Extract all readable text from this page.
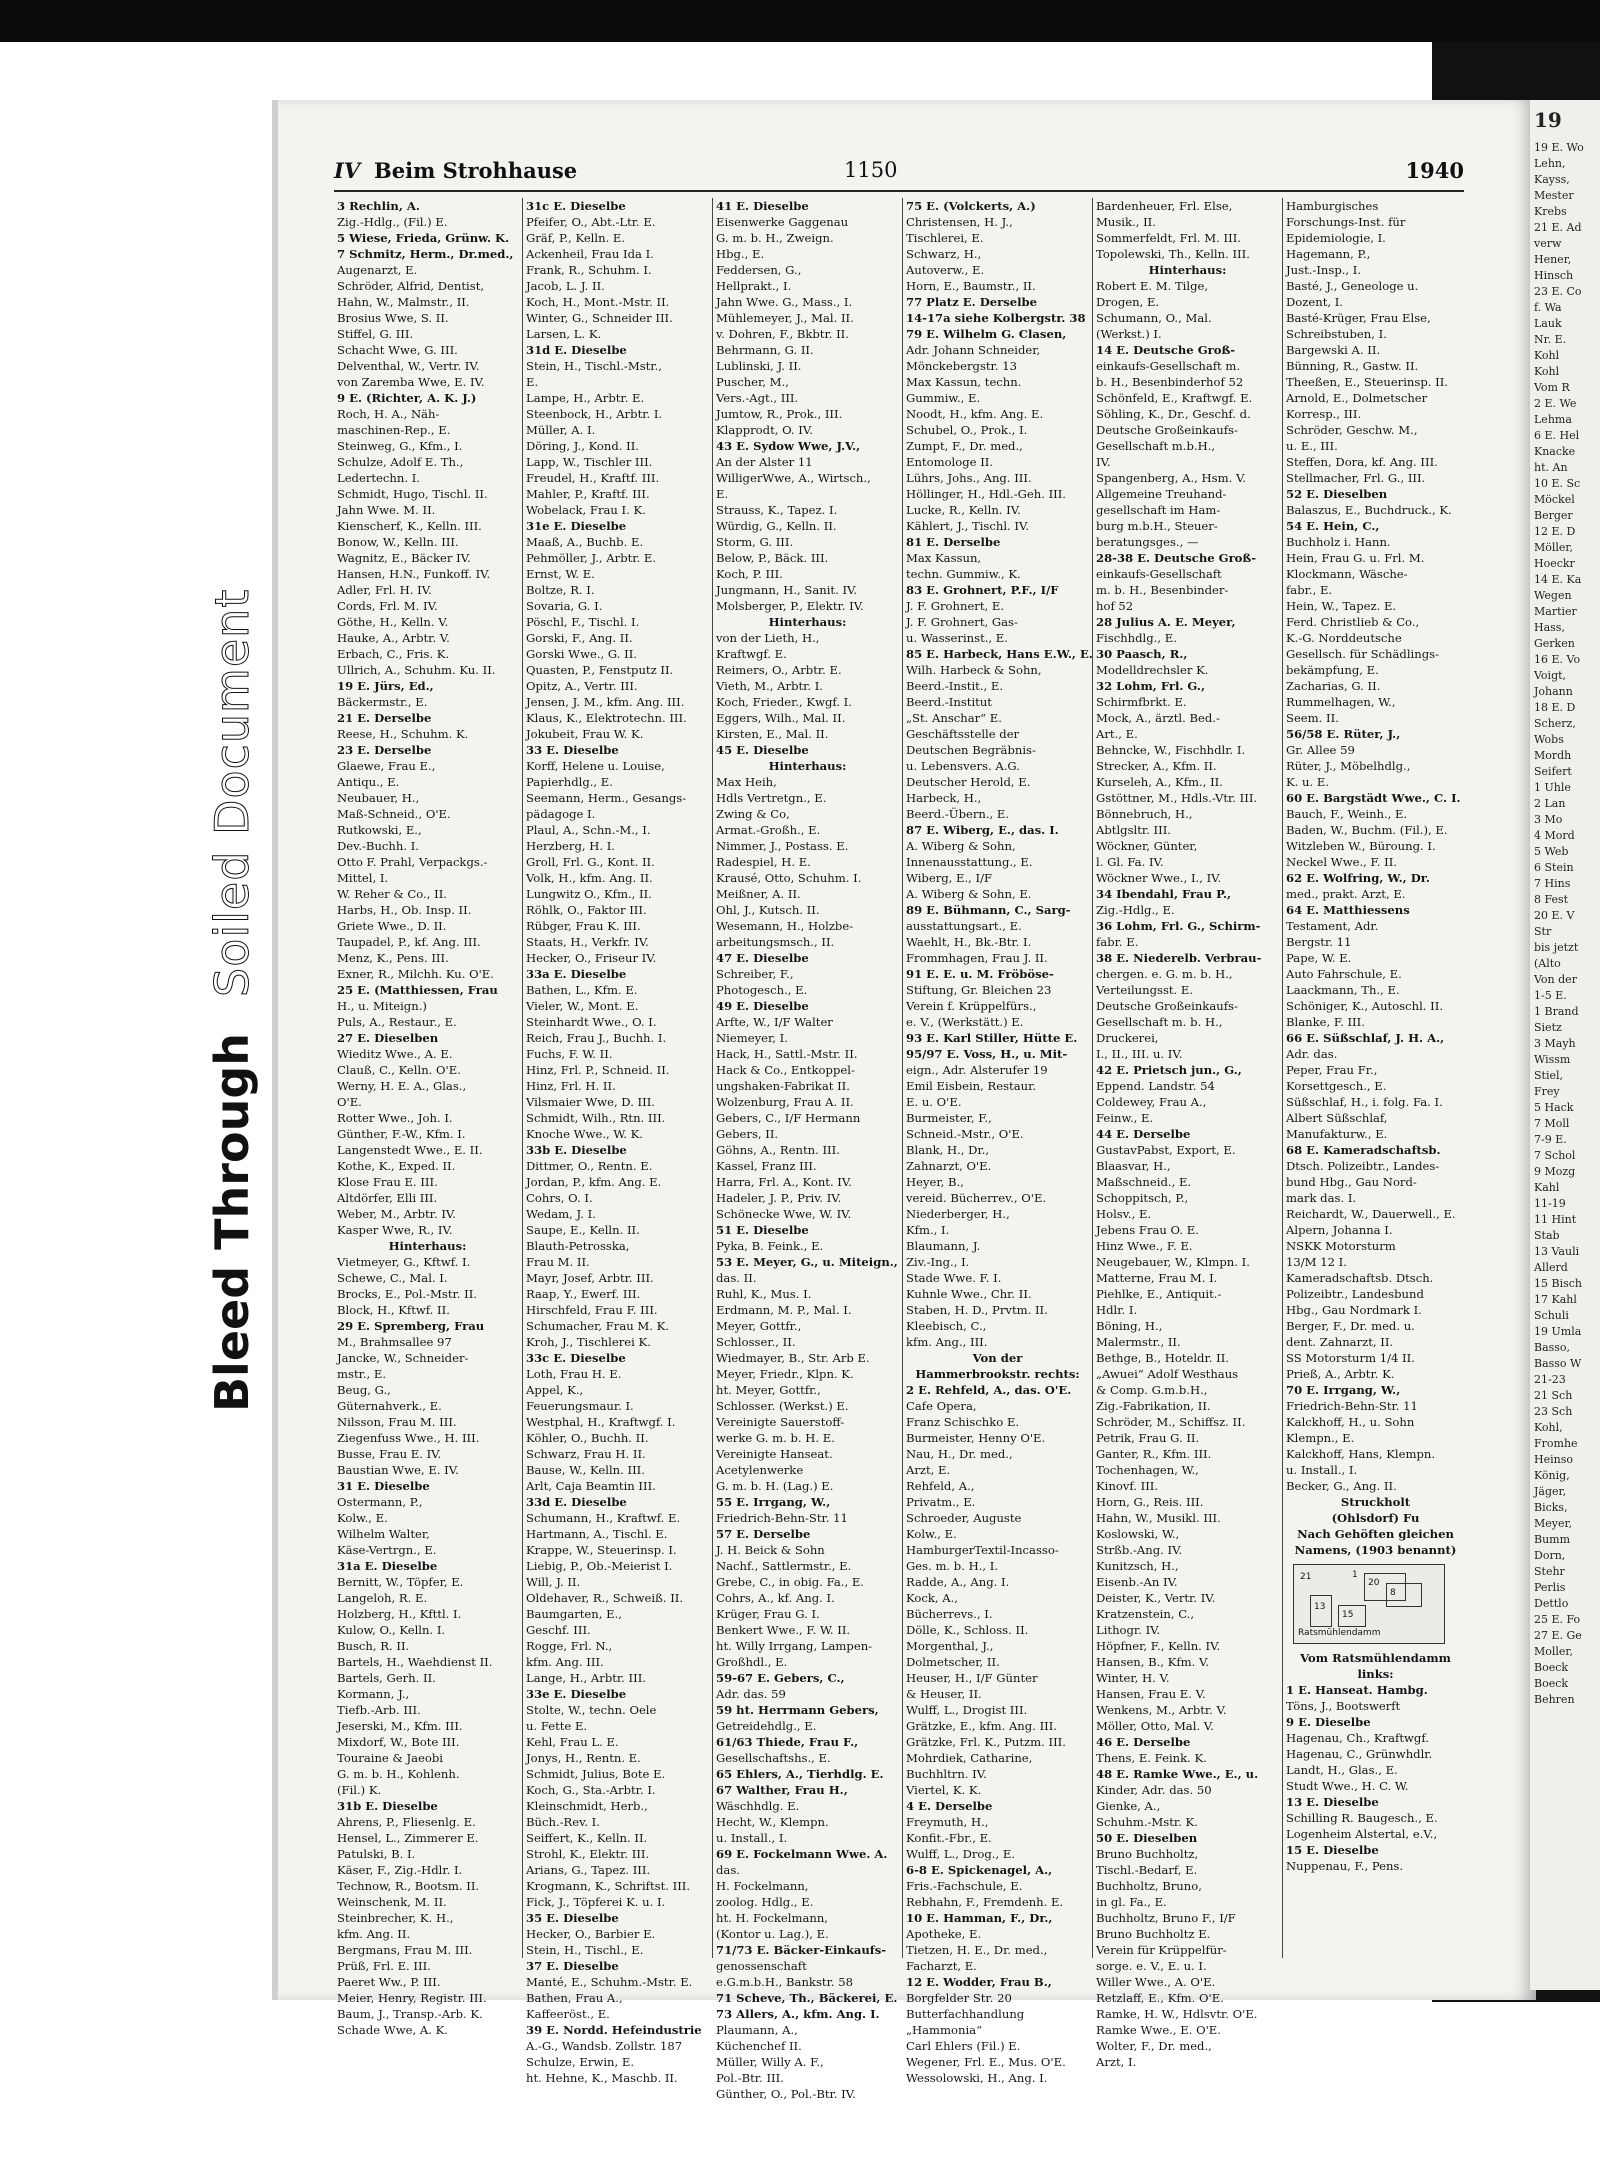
Bleed ThroughSoiled Document
IV Beim Strohhause	1150	1940
3 Rechlin, A.
Zig.-Hdlg., (Fil.) E.
5 Wiese, Frieda, Grünw. K.
7 Schmitz, Herm., Dr.med.,
Augenarzt, E.
Schröder, Alfrid, Dentist,
Hahn, W., Malmstr., II.
Brosius Wwe, S. II.
Stiffel, G. III.
Schacht Wwe, G. III.
Delventhal, W., Vertr. IV.
von Zaremba Wwe, E. IV.
9 E. (Richter, A. K. J.)
Roch, H. A., Näh-
maschinen-Rep., E.
Steinweg, G., Kfm., I.
Schulze, Adolf E. Th.,
Ledertechn. I.
Schmidt, Hugo, Tischl. II.
Jahn Wwe. M. II.
Kienscherf, K., Kelln. III.
Bonow, W., Kelln. III.
Wagnitz, E., Bäcker IV.
Hansen, H.N., Funkoff. IV.
Adler, Frl. H. IV.
Cords, Frl. M. IV.
Göthe, H., Kelln. V.
Hauke, A., Arbtr. V.
Erbach, C., Fris. K.
Ullrich, A., Schuhm. Ku. II.
19 E. Jürs, Ed.,
Bäckermstr., E.
21 E. Derselbe
Reese, H., Schuhm. K.
23 E. Derselbe
Glaewe, Frau E.,
Antiqu., E.
Neubauer, H.,
Maß-Schneid., O'E.
Rutkowski, E.,
Dev.-Buchh. I.
Otto F. Prahl, Verpackgs.-
Mittel, I.
W. Reher & Co., II.
Harbs, H., Ob. Insp. II.
Griete Wwe., D. II.
Taupadel, P., kf. Ang. III.
Menz, K., Pens. III.
Exner, R., Milchh. Ku. O'E.
25 E. (Matthiessen, Frau
H., u. Miteign.)
Puls, A., Restaur., E.
27 E. Dieselben
Wieditz Wwe., A. E.
Clauß, C., Kelln. O'E.
Werny, H. E. A., Glas.,
O'E.
Rotter Wwe., Joh. I.
Günther, F.-W., Kfm. I.
Langenstedt Wwe., E. II.
Kothe, K., Exped. II.
Klose Frau E. III.
Altdörfer, Elli III.
Weber, M., Arbtr. IV.
Kasper Wwe, R., IV.
Hinterhaus:
Vietmeyer, G., Kftwf. I.
Schewe, C., Mal. I.
Brocks, E., Pol.-Mstr. II.
Block, H., Kftwf. II.
29 E. Spremberg, Frau
M., Brahmsallee 97
Jancke, W., Schneider-
mstr., E.
Beug, G.,
Güternahverk., E.
Nilsson, Frau M. III.
Ziegenfuss Wwe., H. III.
Busse, Frau E. IV.
Baustian Wwe, E. IV.
31 E. Dieselbe
Ostermann, P.,
Kolw., E.
Wilhelm Walter,
Käse-Vertrgn., E.
31a E. Dieselbe
Bernitt, W., Töpfer, E.
Langeloh, R. E.
Holzberg, H., Kfttl. I.
Kulow, O., Kelln. I.
Busch, R. II.
Bartels, H., Waehdienst II.
Bartels, Gerh. II.
Kormann, J.,
Tiefb.-Arb. III.
Jeserski, M., Kfm. III.
Mixdorf, W., Bote III.
Touraine & Jaeobi
G. m. b. H., Kohlenh.
(Fil.) K.
31b E. Dieselbe
Ahrens, P., Fliesenlg. E.
Hensel, L., Zimmerer E.
Patulski, B. I.
Käser, F., Zig.-Hdlr. I.
Technow, R., Bootsm. II.
Weinschenk, M. II.
Steinbrecher, K. H.,
kfm. Ang. II.
Bergmans, Frau M. III.
Prüß, Frl. E. III.
Paeret Ww., P. III.
Meier, Henry, Registr. III.
Baum, J., Transp.-Arb. K.
Schade Wwe, A. K.
31c E. Dieselbe
Pfeifer, O., Abt.-Ltr. E.
Gräf, P., Kelln. E.
Ackenheil, Frau Ida I.
Frank, R., Schuhm. I.
Jacob, L. J. II.
Koch, H., Mont.-Mstr. II.
Winter, G., Schneider III.
Larsen, L. K.
31d E. Dieselbe
Stein, H., Tischl.-Mstr.,
E.
Lampe, H., Arbtr. E.
Steenbock, H., Arbtr. I.
Müller, A. I.
Döring, J., Kond. II.
Lapp, W., Tischler III.
Freudel, H., Kraftf. III.
Mahler, P., Kraftf. III.
Wobelack, Frau I. K.
31e E. Dieselbe
Maaß, A., Buchb. E.
Pehmöller, J., Arbtr. E.
Ernst, W. E.
Boltze, R. I.
Sovaria, G. I.
Pöschl, F., Tischl. I.
Gorski, F., Ang. II.
Gorski Wwe., G. II.
Quasten, P., Fenstputz II.
Opitz, A., Vertr. III.
Jensen, J. M., kfm. Ang. III.
Klaus, K., Elektrotechn. III.
Jokubeit, Frau W. K.
33 E. Dieselbe
Korff, Helene u. Louise,
Papierhdlg., E.
Seemann, Herm., Gesangs-
pädagoge I.
Plaul, A., Schn.-M., I.
Herzberg, H. I.
Groll, Frl. G., Kont. II.
Volk, H., kfm. Ang. II.
Lungwitz O., Kfm., II.
Röhlk, O., Faktor III.
Rübger, Frau K. III.
Staats, H., Verkfr. IV.
Hecker, O., Friseur IV.
33a E. Dieselbe
Bathen, L., Kfm. E.
Vieler, W., Mont. E.
Steinhardt Wwe., O. I.
Reich, Frau J., Buchh. I.
Fuchs, F. W. II.
Hinz, Frl. P., Schneid. II.
Hinz, Frl. H. II.
Vilsmaier Wwe, D. III.
Schmidt, Wilh., Rtn. III.
Knoche Wwe., W. K.
33b E. Dieselbe
Dittmer, O., Rentn. E.
Jordan, P., kfm. Ang. E.
Cohrs, O. I.
Wedam, J. I.
Saupe, E., Kelln. II.
Blauth-Petrosska,
Frau M. II.
Mayr, Josef, Arbtr. III.
Raap, Y., Ewerf. III.
Hirschfeld, Frau F. III.
Schumacher, Frau M. K.
Kroh, J., Tischlerei K.
33c E. Dieselbe
Loth, Frau H. E.
Appel, K.,
Feuerungsmaur. I.
Westphal, H., Kraftwgf. I.
Köhler, O., Buchh. II.
Schwarz, Frau H. II.
Bause, W., Kelln. III.
Arlt, Caja Beamtin III.
33d E. Dieselbe
Schumann, H., Kraftwf. E.
Hartmann, A., Tischl. E.
Krappe, W., Steuerinsp. I.
Liebig, P., Ob.-Meierist I.
Will, J. II.
Oldehaver, R., Schweiß. II.
Baumgarten, E.,
Geschf. III.
Rogge, Frl. N.,
kfm. Ang. III.
Lange, H., Arbtr. III.
33e E. Dieselbe
Stolte, W., techn. Oele
u. Fette E.
Kehl, Frau L. E.
Jonys, H., Rentn. E.
Schmidt, Julius, Bote E.
Koch, G., Sta.-Arbtr. I.
Kleinschmidt, Herb.,
Büch.-Rev. I.
Seiffert, K., Kelln. II.
Strohl, K., Elektr. III.
Arians, G., Tapez. III.
Krogmann, K., Schriftst. III.
Fick, J., Töpferei K. u. I.
35 E. Dieselbe
Hecker, O., Barbier E.
Stein, H., Tischl., E.
37 E. Dieselbe
Manté, E., Schuhm.-Mstr. E.
Bathen, Frau A.,
Kaffeeröst., E.
39 E. Nordd. Hefeindustrie
A.-G., Wandsb. Zollstr. 187
Schulze, Erwin, E.
ht. Hehne, K., Maschb. II.
41 E. Dieselbe
Eisenwerke Gaggenau
G. m. b. H., Zweign.
Hbg., E.
Feddersen, G.,
Hellprakt., I.
Jahn Wwe. G., Mass., I.
Mühlemeyer, J., Mal. II.
v. Dohren, F., Bkbtr. II.
Behrmann, G. II.
Lublinski, J. II.
Puscher, M.,
Vers.-Agt., III.
Jumtow, R., Prok., III.
Klapprodt, O. IV.
43 E. Sydow Wwe, J.V.,
An der Alster 11
WilligerWwe, A., Wirtsch.,
E.
Strauss, K., Tapez. I.
Würdig, G., Kelln. II.
Storm, G. III.
Below, P., Bäck. III.
Koch, P. III.
Jungmann, H., Sanit. IV.
Molsberger, P., Elektr. IV.
Hinterhaus:
von der Lieth, H.,
Kraftwgf. E.
Reimers, O., Arbtr. E.
Vieth, M., Arbtr. I.
Koch, Frieder., Kwgf. I.
Eggers, Wilh., Mal. II.
Kirsten, E., Mal. II.
45 E. Dieselbe
Hinterhaus:
Max Heih,
Hdls Vertretgn., E.
Zwing & Co,
Armat.-Großh., E.
Nimmer, J., Postass. E.
Radespiel, H. E.
Krausé, Otto, Schuhm. I.
Meißner, A. II.
Ohl, J., Kutsch. II.
Wesemann, H., Holzbe-
arbeitungsmsch., II.
47 E. Dieselbe
Schreiber, F.,
Photogesch., E.
49 E. Dieselbe
Arfte, W., I/F Walter
Niemeyer, I.
Hack, H., Sattl.-Mstr. II.
Hack & Co., Entkoppel-
ungshaken-Fabrikat II.
Wolzenburg, Frau A. II.
Gebers, C., I/F Hermann
Gebers, II.
Göhns, A., Rentn. III.
Kassel, Franz III.
Harra, Frl. A., Kont. IV.
Hadeler, J. P., Priv. IV.
Schönecke Wwe, W. IV.
51 E. Dieselbe
Pyka, B. Feink., E.
53 E. Meyer, G., u. Miteign.,
das. II.
Ruhl, K., Mus. I.
Erdmann, M. P., Mal. I.
Meyer, Gottfr.,
Schlosser., II.
Wiedmayer, B., Str. Arb E.
Meyer, Friedr., Klpn. K.
ht. Meyer, Gottfr.,
Schlosser. (Werkst.) E.
Vereinigte Sauerstoff-
werke G. m. b. H. E.
Vereinigte Hanseat.
Acetylenwerke
G. m. b. H. (Lag.) E.
55 E. Irrgang, W.,
Friedrich-Behn-Str. 11
57 E. Derselbe
J. H. Beick & Sohn
Nachf., Sattlermstr., E.
Grebe, C., in obig. Fa., E.
Cohrs, A., kf. Ang. I.
Krüger, Frau G. I.
Benkert Wwe., F. W. II.
ht. Willy Irrgang, Lampen-
Großhdl., E.
59-67 E. Gebers, C.,
Adr. das. 59
59 ht. Herrmann Gebers,
Getreidehdlg., E.
61/63 Thiede, Frau F.,
Gesellschaftshs., E.
65 Ehlers, A., Tierhdlg. E.
67 Walther, Frau H.,
Wäschhdlg. E.
Hecht, W., Klempn.
u. Install., I.
69 E. Fockelmann Wwe. A.
das.
H. Fockelmann,
zoolog. Hdlg., E.
ht. H. Fockelmann,
(Kontor u. Lag.), E.
71/73 E. Bäcker-Einkaufs-
genossenschaft
e.G.m.b.H., Bankstr. 58
71 Scheve, Th., Bäckerei, E.
73 Allers, A., kfm. Ang. I.
Plaumann, A.,
Küchenchef II.
Müller, Willy A. F.,
Pol.-Btr. III.
Günther, O., Pol.-Btr. IV.
75 E. (Volckerts, A.)
Christensen, H. J.,
Tischlerei, E.
Schwarz, H.,
Autoverw., E.
Horn, E., Baumstr., II.
77 Platz E. Derselbe
14-17a siehe Kolbergstr. 38
79 E. Wilhelm G. Clasen,
Adr. Johann Schneider,
Mönckebergstr. 13
Max Kassun, techn.
Gummiw., E.
Noodt, H., kfm. Ang. E.
Schubel, O., Prok., I.
Zumpt, F., Dr. med.,
Entomologe II.
Lührs, Johs., Ang. III.
Höllinger, H., Hdl.-Geh. III.
Lucke, R., Kelln. IV.
Kählert, J., Tischl. IV.
81 E. Derselbe
Max Kassun,
techn. Gummiw., K.
83 E. Grohnert, P.F., I/F
J. F. Grohnert, E.
J. F. Grohnert, Gas-
u. Wasserinst., E.
85 E. Harbeck, Hans E.W., E.
Wilh. Harbeck & Sohn,
Beerd.-Instit., E.
Beerd.-Institut
„St. Anschar“ E.
Geschäftsstelle der
Deutschen Begräbnis-
u. Lebensvers. A.G.
Deutscher Herold, E.
Harbeck, H.,
Beerd.-Übern., E.
87 E. Wiberg, E., das. I.
A. Wiberg & Sohn,
Innenausstattung., E.
Wiberg, E., I/F
A. Wiberg & Sohn, E.
89 E. Bühmann, C., Sarg-
ausstattungsart., E.
Waehlt, H., Bk.-Btr. I.
Frommhagen, Frau J. II.
91 E. E. u. M. Fröböse-
Stiftung, Gr. Bleichen 23
Verein f. Krüppelfürs.,
e. V., (Werkstätt.) E.
93 E. Karl Stiller, Hütte E.
95/97 E. Voss, H., u. Mit-
eign., Adr. Alsterufer 19
Emil Eisbein, Restaur.
E. u. O'E.
Burmeister, F.,
Schneid.-Mstr., O'E.
Blank, H., Dr.,
Zahnarzt, O'E.
Heyer, B.,
vereid. Bücherrev., O'E.
Niederberger, H.,
Kfm., I.
Blaumann, J.
Ziv.-Ing., I.
Stade Wwe. F. I.
Kuhnle Wwe., Chr. II.
Staben, H. D., Prvtm. II.
Kleebisch, C.,
kfm. Ang., III.
Von der
Hammerbrookstr. rechts:
2 E. Rehfeld, A., das. O'E.
Cafe Opera,
Franz Schischko E.
Burmeister, Henny O'E.
Nau, H., Dr. med.,
Arzt, E.
Rehfeld, A.,
Privatm., E.
Schroeder, Auguste
Kolw., E.
HamburgerTextil-Incasso-
Ges. m. b. H., I.
Radde, A., Ang. I.
Kock, A.,
Bücherrevs., I.
Dölle, K., Schloss. II.
Morgenthal, J.,
Dolmetscher, II.
Heuser, H., I/F Günter
& Heuser, II.
Wulff, L., Drogist III.
Grätzke, E., kfm. Ang. III.
Grätzke, Frl. K., Putzm. III.
Mohrdiek, Catharine,
Buchhltrn. IV.
Viertel, K. K.
4 E. Derselbe
Freymuth, H.,
Konfit.-Fbr., E.
Wulff, L., Drog., E.
6-8 E. Spickenagel, A.,
Fris.-Fachschule, E.
Rebhahn, F., Fremdenh. E.
10 E. Hamman, F., Dr.,
Apotheke, E.
Tietzen, H. E., Dr. med.,
Facharzt, E.
12 E. Wodder, Frau B.,
Borgfelder Str. 20
Butterfachhandlung
„Hammonia“
Carl Ehlers (Fil.) E.
Wegener, Frl. E., Mus. O'E.
Wessolowski, H., Ang. I.
Bardenheuer, Frl. Else,
Musik., II.
Sommerfeldt, Frl. M. III.
Topolewski, Th., Kelln. III.
Hinterhaus:
Robert E. M. Tilge,
Drogen, E.
Schumann, O., Mal.
(Werkst.) I.
14 E. Deutsche Groß-
einkaufs-Gesellschaft m.
b. H., Besenbinderhof 52
Schönfeld, E., Kraftwgf. E.
Söhling, K., Dr., Geschf. d.
Deutsche Großeinkaufs-
Gesellschaft m.b.H.,
IV.
Spangenberg, A., Hsm. V.
Allgemeine Treuhand-
gesellschaft im Ham-
burg m.b.H., Steuer-
beratungsges., —
28-38 E. Deutsche Groß-
einkaufs-Gesellschaft
m. b. H., Besenbinder-
hof 52
28 Julius A. E. Meyer,
Fischhdlg., E.
30 Paasch, R.,
Modelldrechsler K.
32 Lohm, Frl. G.,
Schirmfbrkt. E.
Mock, A., ärztl. Bed.-
Art., E.
Behncke, W., Fischhdlr. I.
Strecker, A., Kfm. II.
Kurseleh, A., Kfm., II.
Gstöttner, M., Hdls.-Vtr. III.
Bönnebruch, H.,
Abtlgsltr. III.
Wöckner, Günter,
l. Gl. Fa. IV.
Wöckner Wwe., I., IV.
34 Ibendahl, Frau P.,
Zig.-Hdlg., E.
36 Lohm, Frl. G., Schirm-
fabr. E.
38 E. Niederelb. Verbrau-
chergen. e. G. m. b. H.,
Verteilungsst. E.
Deutsche Großeinkaufs-
Gesellschaft m. b. H.,
Druckerei,
I., II., III. u. IV.
42 E. Prietsch jun., G.,
Eppend. Landstr. 54
Coldewey, Frau A.,
Feinw., E.
44 E. Derselbe
GustavPabst, Export, E.
Blaasvar, H.,
Maßschneid., E.
Schoppitsch, P.,
Holsv., E.
Jebens Frau O. E.
Hinz Wwe., F. E.
Neugebauer, W., Klmpn. I.
Matterne, Frau M. I.
Piehlke, E., Antiquit.-
Hdlr. I.
Böning, H.,
Malermstr., II.
Bethge, B., Hoteldr. II.
„Awuei“ Adolf Westhaus
& Comp. G.m.b.H.,
Zig.-Fabrikation, II.
Schröder, M., Schiffsz. II.
Petrik, Frau G. II.
Ganter, R., Kfm. III.
Tochenhagen, W.,
Kinovf. III.
Horn, G., Reis. III.
Hahn, W., Musikl. III.
Koslowski, W.,
Strßb.-Ang. IV.
Kunitzsch, H.,
Eisenb.-An IV.
Deister, K., Vertr. IV.
Kratzenstein, C.,
Lithogr. IV.
Höpfner, F., Kelln. IV.
Hansen, B., Kfm. V.
Winter, H. V.
Hansen, Frau E. V.
Wenkens, M., Arbtr. V.
Möller, Otto, Mal. V.
46 E. Derselbe
Thens, E. Feink. K.
48 E. Ramke Wwe., E., u.
Kinder, Adr. das. 50
Gienke, A.,
Schuhm.-Mstr. K.
50 E. Dieselben
Bruno Buchholtz,
Tischl.-Bedarf, E.
Buchholtz, Bruno,
in gl. Fa., E.
Buchholtz, Bruno F., I/F
Bruno Buchholtz E.
Verein für Krüppelfür-
sorge. e. V., E. u. I.
Willer Wwe., A. O'E.
Retzlaff, E., Kfm. O'E.
Ramke, H. W., Hdlsvtr. O'E.
Ramke Wwe., E. O'E.
Wolter, F., Dr. med.,
Arzt, I.
Hamburgisches
Forschungs-Inst. für
Epidemiologie, I.
Hagemann, P.,
Just.-Insp., I.
Basté, J., Geneologe u.
Dozent, I.
Basté-Krüger, Frau Else,
Schreibstuben, I.
Bargewski A. II.
Bünning, R., Gastw. II.
Theeßen, E., Steuerinsp. II.
Arnold, E., Dolmetscher
Korresp., III.
Schröder, Geschw. M.,
u. E., III.
Steffen, Dora, kf. Ang. III.
Stellmacher, Frl. G., III.
52 E. Dieselben
Balaszus, E., Buchdruck., K.
54 E. Hein, C.,
Buchholz i. Hann.
Hein, Frau G. u. Frl. M.
Klockmann, Wäsche-
fabr., E.
Hein, W., Tapez. E.
Ferd. Christlieb & Co.,
K.-G. Norddeutsche
Gesellsch. für Schädlings-
bekämpfung, E.
Zacharias, G. II.
Rummelhagen, W.,
Seem. II.
56/58 E. Rüter, J.,
Gr. Allee 59
Rüter, J., Möbelhdlg.,
K. u. E.
60 E. Bargstädt Wwe., C. I.
Bauch, F., Weinh., E.
Baden, W., Buchm. (Fil.), E.
Witzleben W., Büroung. I.
Neckel Wwe., F. II.
62 E. Wolfring, W., Dr.
med., prakt. Arzt, E.
64 E. Matthiessens
Testament, Adr.
Bergstr. 11
Pape, W. E.
Auto Fahrschule, E.
Laackmann, Th., E.
Schöniger, K., Autoschl. II.
Blanke, F. III.
66 E. Süßschlaf, J. H. A.,
Adr. das.
Peper, Frau Fr.,
Korsettgesch., E.
Süßschlaf, H., i. folg. Fa. I.
Albert Süßschlaf,
Manufakturw., E.
68 E. Kameradschaftsb.
Dtsch. Polizeibtr., Landes-
bund Hbg., Gau Nord-
mark das. I.
Reichardt, W., Dauerwell., E.
Alpern, Johanna I.
NSKK Motorsturm
13/M 12 I.
Kameradschaftsb. Dtsch.
Polizeibtr., Landesbund
Hbg., Gau Nordmark I.
Berger, F., Dr. med. u.
dent. Zahnarzt, II.
SS Motorsturm 1/4 II.
Prieß, A., Arbtr. K.
70 E. Irrgang, W.,
Friedrich-Behn-Str. 11
Kalckhoff, H., u. Sohn
Klempn., E.
Kalckhoff, Hans, Klempn.
u. Install., I.
Becker, G., Ang. II.
Struckholt
(Ohlsdorf) Fu
Nach Gehöften gleichen
Namens, (1903 benannt)
Ratsmühlendamm
20
13
15
1
8
21
Vom Ratsmühlendamm
links:
1 E. Hanseat. Hambg.
Töns, J., Bootswerft
9 E. Dieselbe
Hagenau, Ch., Kraftwgf.
Hagenau, C., Grünwhdlr.
Landt, H., Glas., E.
Studt Wwe., H. C. W.
13 E. Dieselbe
Schilling R. Baugesch., E.
Logenheim Alstertal, e.V.,
15 E. Dieselbe
Nuppenau, F., Pens.
19
19 E. Wo
Lehn,
Kayss,
Mester
Krebs
21 E. Ad
verw
Hener,
Hinsch
23 E. Co
f. Wa
Lauk
Nr. E.
Kohl
Kohl
Vom R
2 E. We
Lehma
6 E. Hel
Knacke
ht. An
10 E. Sc
Möckel
Berger
12 E. D
Möller,
Hoeckr
14 E. Ka
Wegen
Martier
Hass,
Gerken
16 E. Vo
Voigt,
Johann
18 E. D
Scherz,
Wobs
Mordh
Seifert
1 Uhle
2 Lan
3 Mo
4 Mord
5 Web
6 Stein
7 Hins
8 Fest
20 E. V
Str
bis jetzt
(Alto
Von der
1-5 E.
1 Brand
Sietz
3 Mayh
Wissm
Stiel,
Frey
5 Hack
7 Moll
7-9 E.
7 Schol
9 Mozg
Kahl
11-19
11 Hint
Stab
13 Vauli
Allerd
15 Bisch
17 Kahl
Schuli
19 Umla
Basso,
Basso W
21-23
21 Sch
23 Sch
Kohl,
Fromhe
Heinso
König,
Jäger,
Bicks,
Meyer,
Bumm
Dorn,
Stehr
Perlis
Dettlo
25 E. Fo
27 E. Ge
Moller,
Boeck
Boeck
Behren
